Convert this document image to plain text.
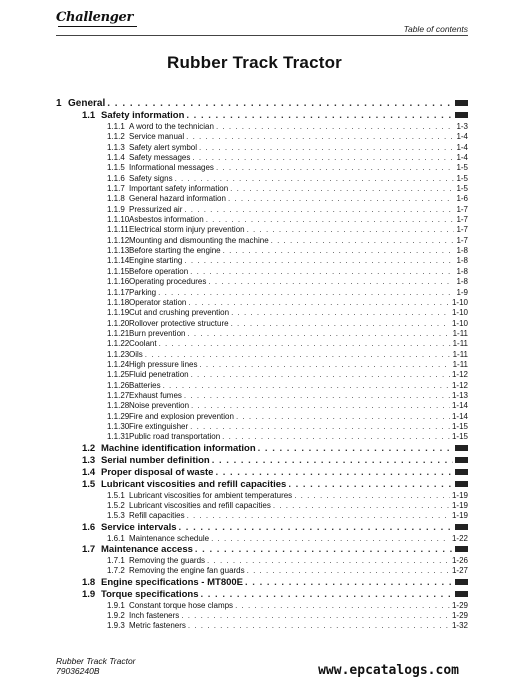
Challenger
Table of contents
Rubber Track Tractor
1 General
. . .
1.1 Safety information
. . .
1.1.1 A word to the technician . . .	1-3
1.1.2 Service manual . . .	1-4
1.1.3 Safety alert symbol . . .	1-4
1.1.4 Safety messages . . .	1-4
1.1.5 Informational messages . . .	1-5
1.1.6 Safety signs . . .	1-5
1.1.7 Important safety information . . .	1-5
1.1.8 General hazard information . . .	1-6
1.1.9 Pressurized air . . .	1-7
1.1.10 Asbestos information . . .	1-7
1.1.11 Electrical storm injury prevention . . .	1-7
1.1.12 Mounting and dismounting the machine . . .	1-7
1.1.13 Before starting the engine . . .	1-8
1.1.14 Engine starting . . .	1-8
1.1.15 Before operation . . .	1-8
1.1.16 Operating procedures . . .	1-8
1.1.17 Parking . . .	1-9
1.1.18 Operator station . . .	1-10
1.1.19 Cut and crushing prevention . . .	1-10
1.1.20 Rollover protective structure . . .	1-10
1.1.21 Burn prevention . . .	1-11
1.1.22 Coolant . . .	1-11
1.1.23 Oils . . .	1-11
1.1.24 High pressure lines . . .	1-11
1.1.25 Fluid penetration . . .	1-12
1.1.26 Batteries . . .	1-12
1.1.27 Exhaust fumes . . .	1-13
1.1.28 Noise prevention . . .	1-14
1.1.29 Fire and explosion prevention . . .	1-14
1.1.30 Fire extinguisher . . .	1-15
1.1.31 Public road transportation . . .	1-15
1.2 Machine identification information
. . .
1.3 Serial number definition
. . .
1.4 Proper disposal of waste
. . .
1.5 Lubricant viscosities and refill capacities
. . .
1.5.1 Lubricant viscosities for ambient temperatures . . .	1-19
1.5.2 Lubricant viscosities and refill capacities . . .	1-19
1.5.3 Refill capacities . . .	1-19
1.6 Service intervals
. . .
1.6.1 Maintenance schedule . . .	1-22
1.7 Maintenance access
. . .
1.7.1 Removing the guards . . .	1-26
1.7.2 Removing the engine fan guards . . .	1-27
1.8 Engine specifications - MT800E
. . .
1.9 Torque specifications
. . .
1.9.1 Constant torque hose clamps . . .	1-29
1.9.2 Inch fasteners . . .	1-29
1.9.3 Metric fasteners . . .	1-32
Rubber Track Tractor
79036240B	www.epcatalogs.com
